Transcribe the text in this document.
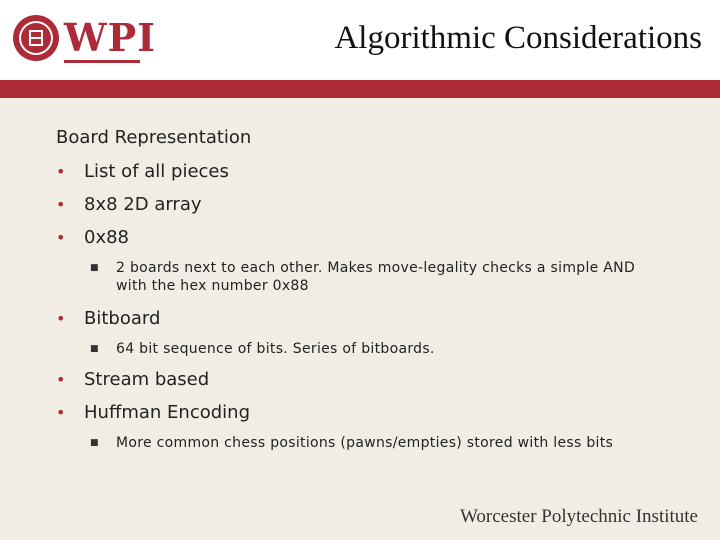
WPI	Algorithmic Considerations
Board Representation
• List of all pieces
• 8x8 2D array
• 0x88
■ 2 boards next to each other. Makes move-legality checks a simple AND with the hex number 0x88
• Bitboard
■ 64 bit sequence of bits. Series of bitboards.
• Stream based
• Huffman Encoding
■ More common chess positions (pawns/empties) stored with less bits
Worcester Polytechnic Institute
